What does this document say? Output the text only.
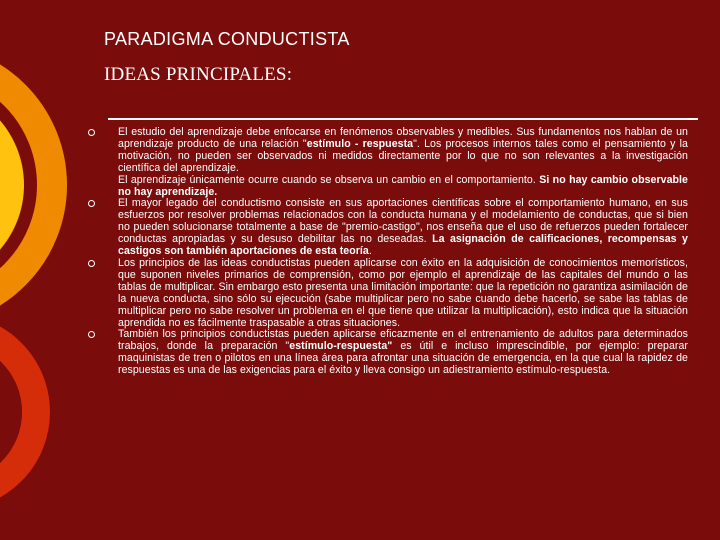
PARADIGMA CONDUCTISTA
IDEAS PRINCIPALES:

El estudio del aprendizaje debe enfocarse en fenómenos observables y medibles. Sus fundamentos nos hablan de un aprendizaje producto de una relación "estímulo - respuesta". Los procesos internos tales como el pensamiento y la motivación, no pueden ser observados ni medidos directamente por lo que no son relevantes a la investigación científica del aprendizaje.

El aprendizaje únicamente ocurre cuando se observa un cambio en el comportamiento. Si no hay cambio observable no hay aprendizaje.

El mayor legado del conductismo consiste en sus aportaciones científicas sobre el comportamiento humano, en sus esfuerzos por resolver problemas relacionados con la conducta humana y el modelamiento de conductas, que si bien no pueden solucionarse totalmente a base de "premio-castigo", nos enseña que el uso de refuerzos pueden fortalecer conductas apropiadas y su desuso debilitar las no deseadas. La asignación de calificaciones, recompensas y castigos son también aportaciones de esta teoría.

Los principios de las ideas conductistas pueden aplicarse con éxito en la adquisición de conocimientos memorísticos, que suponen niveles primarios de comprensión, como por ejemplo el aprendizaje de las capitales del mundo o las tablas de multiplicar. Sin embargo esto presenta una limitación importante: que la repetición no garantiza asimilación de la nueva conducta, sino sólo su ejecución (sabe multiplicar pero no sabe cuando debe hacerlo, se sabe las tablas de multiplicar pero no sabe resolver un problema en el que tiene que utilizar la multiplicación), esto indica que la situación aprendida no es fácilmente traspasable a otras situaciones.

También los principios conductistas pueden aplicarse eficazmente en el entrenamiento de adultos para determinados trabajos, donde la preparación "estímulo-respuesta" es útil e incluso imprescindible, por ejemplo: preparar maquinistas de tren o pilotos en una línea área para afrontar una situación de emergencia, en la que cual la rapidez de respuestas es una de las exigencias para el éxito y lleva consigo un adiestramiento estímulo-respuesta.
